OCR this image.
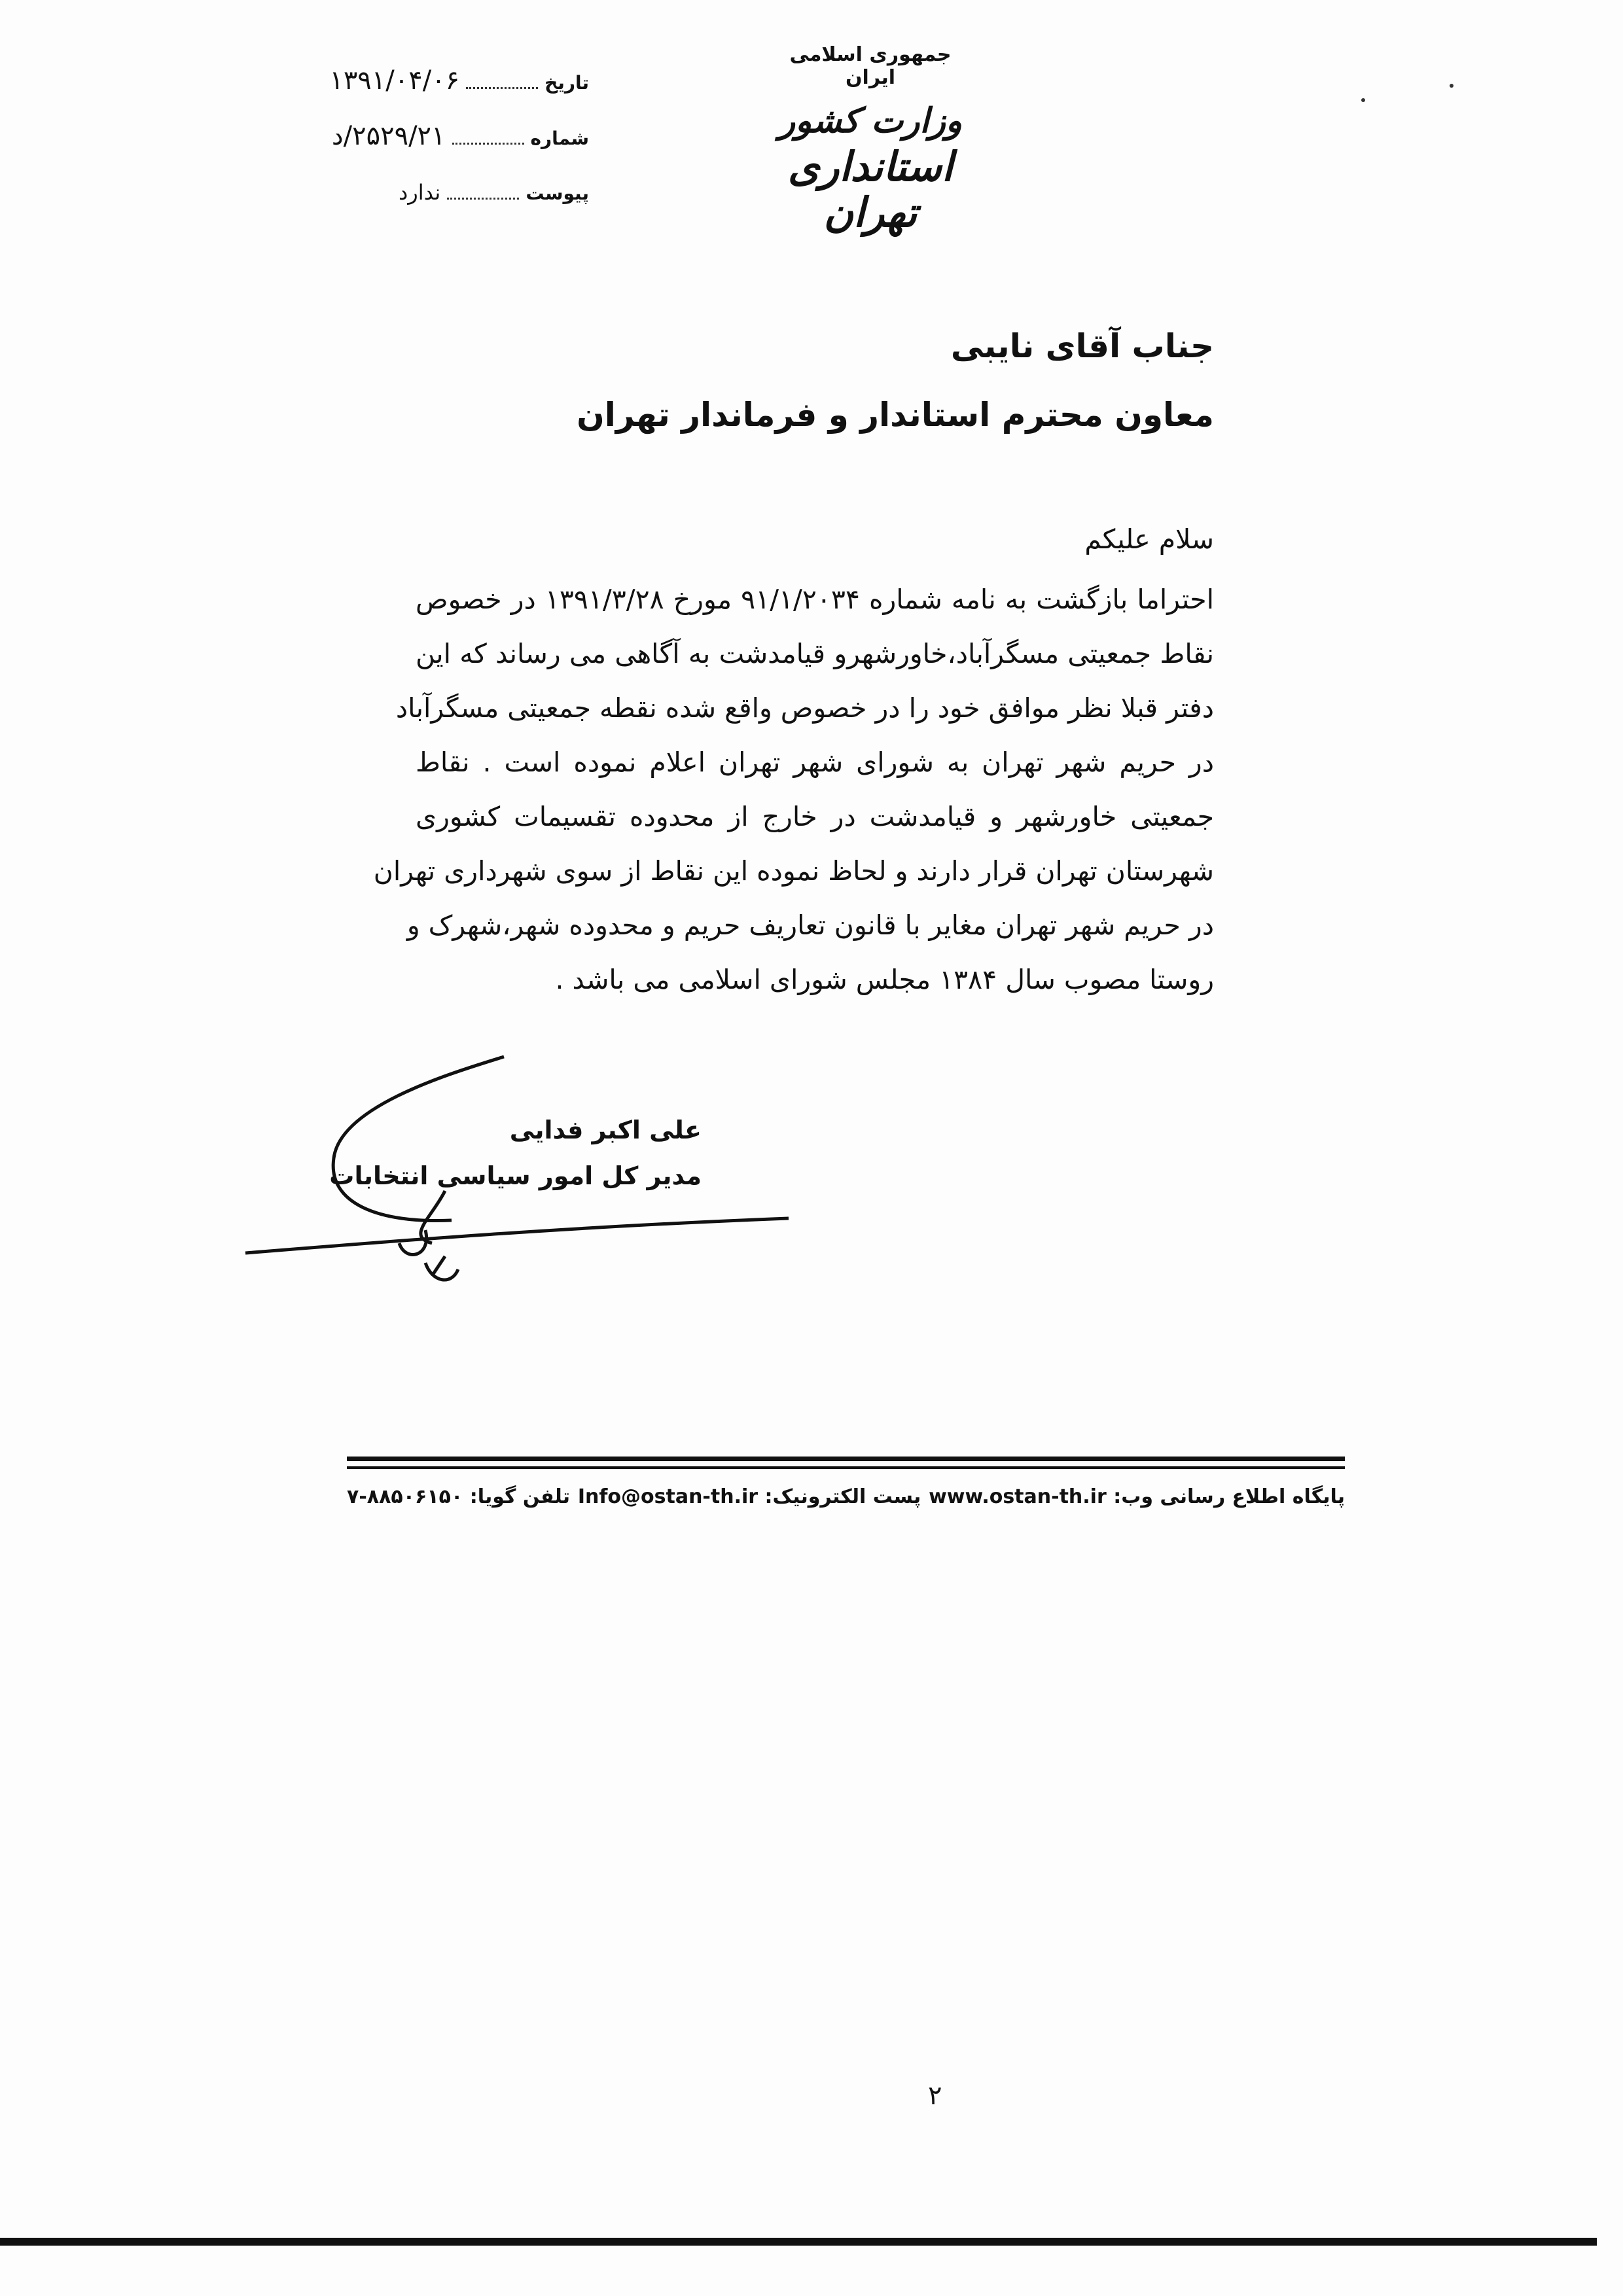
جمهوری اسلامی ایران
وزارت کشور
استانداری تهران
تاریخ
۱۳۹۱/۰۴/۰۶
شماره
۲۵۲۹/۲۱/د
پیوست
ندارد
جناب آقای نایبی
معاون محترم استاندار و فرماندار تهران
سلام علیکم
احتراما بازگشت به نامه شماره ۹۱/۱/۲۰۳۴ مورخ ۱۳۹۱/۳/۲۸ در خصوص
نقاط جمعیتی مسگرآباد،خاورشهرو قیامدشت به آگاهی می رساند که این
دفتر قبلا نظر موافق خود را در خصوص واقع شده نقطه جمعیتی مسگرآباد
در حریم شهر تهران به شورای شهر تهران اعلام نموده است . نقاط
جمعیتی خاورشهر و قیامدشت در خارج از محدوده تقسیمات کشوری
شهرستان تهران قرار دارند و لحاظ نموده این نقاط از سوی شهرداری تهران
در حریم شهر تهران مغایر با قانون تعاریف حریم و محدوده شهر،شهرک و
روستا مصوب سال ۱۳۸۴ مجلس شورای اسلامی می باشد .
علی اکبر فدایی
مدیر کل امور سیاسی انتخابات
پایگاه اطلاع رسانی وب: www.ostan-th.ir
پست الکترونیک: Info@ostan-th.ir
تلفن گویا: ۸۸۵۰۶۱۵۰-۷
۲
